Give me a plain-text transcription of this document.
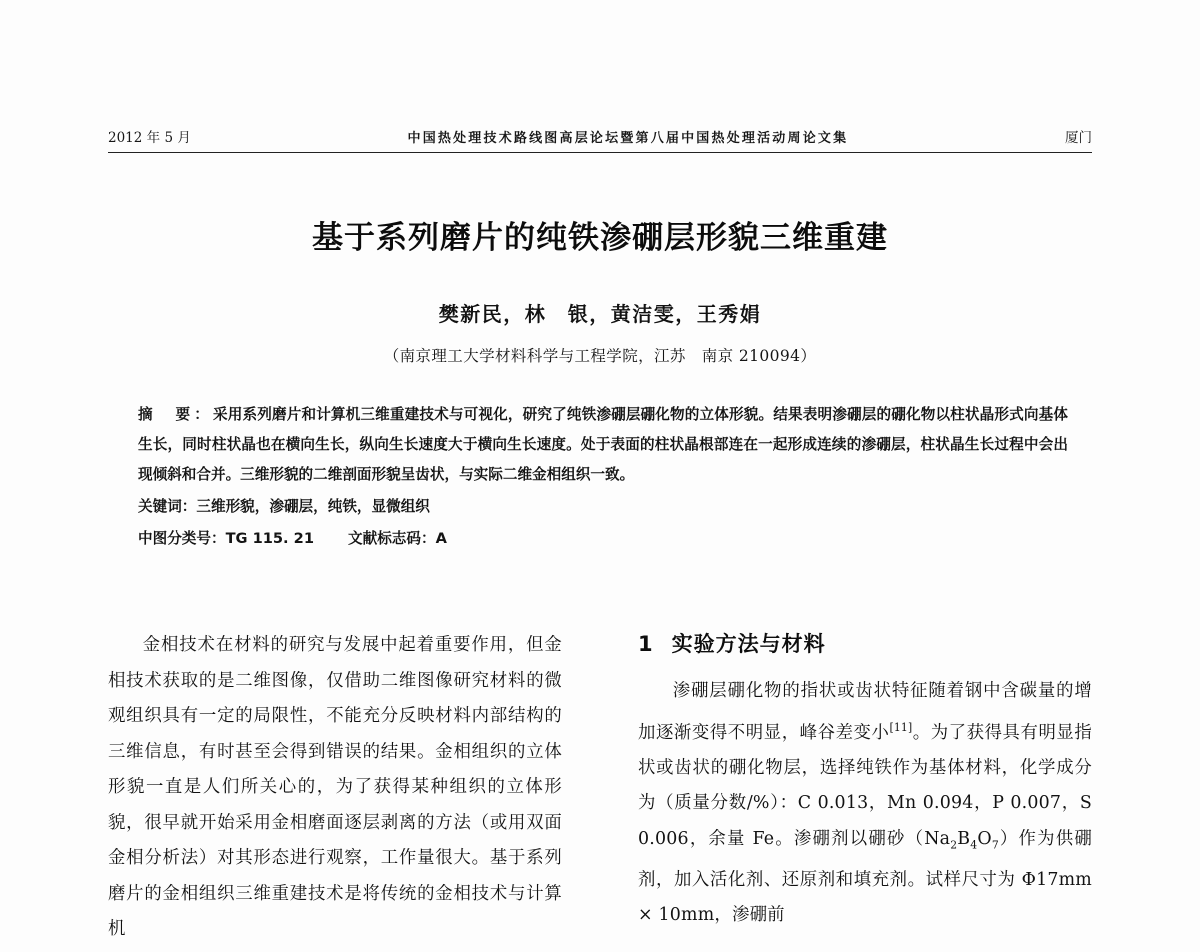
2012 年 5 月	中国热处理技术路线图高层论坛暨第八届中国热处理活动周论文集	厦门
基于系列磨片的纯铁渗硼层形貌三维重建
樊新民，林　银，黄洁雯，王秀娟
（南京理工大学材料科学与工程学院，江苏　南京 210094）
摘　要：采用系列磨片和计算机三维重建技术与可视化，研究了纯铁渗硼层硼化物的立体形貌。结果表明渗硼层的硼化物以柱状晶形式向基体生长，同时柱状晶也在横向生长，纵向生长速度大于横向生长速度。处于表面的柱状晶根部连在一起形成连续的渗硼层，柱状晶生长过程中会出现倾斜和合并。三维形貌的二维剖面形貌呈齿状，与实际二维金相组织一致。
关键词：三维形貌，渗硼层，纯铁，显微组织
中图分类号：TG 115. 21 文献标志码：A
金相技术在材料的研究与发展中起着重要作用，但金相技术获取的是二维图像，仅借助二维图像研究材料的微观组织具有一定的局限性，不能充分反映材料内部结构的三维信息，有时甚至会得到错误的结果。金相组织的立体形貌一直是人们所关心的，为了获得某种组织的立体形貌，很早就开始采用金相磨面逐层剥离的方法（或用双面金相分析法）对其形态进行观察，工作量很大。基于系列磨片的金相组织三维重建技术是将传统的金相技术与计算机
1 实验方法与材料
渗硼层硼化物的指状或齿状特征随着钢中含碳量的增加逐渐变得不明显，峰谷差变小[11]。为了获得具有明显指状或齿状的硼化物层，选择纯铁作为基体材料，化学成分为（质量分数/%）：C 0.013，Mn 0.094，P 0.007，S 0.006，余量 Fe。渗硼剂以硼砂$(Na_2B_4O_7)$作为供硼剂，加入活化剂、还原剂和填充剂。试样尺寸为 Φ17mm × 10mm，渗硼前
